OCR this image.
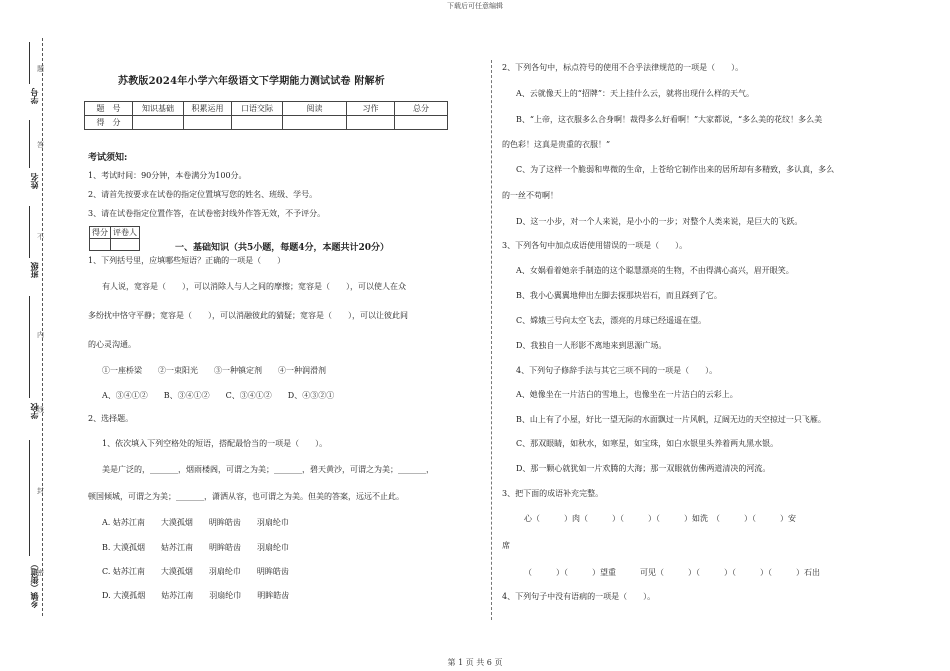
下载后可任意编辑
学号
姓名
班级
学校
乡镇（街道）
题
答
不
内
线
封
密
苏教版2024年小学六年级语文下学期能力测试试卷 附解析
题　号	知识基础	积累运用	口语交际	阅读	习作	总分
得　分						
考试须知:
1、考试时间：90分钟，本卷满分为100分。
2、请首先按要求在试卷的指定位置填写您的姓名、班级、学号。
3、请在试卷指定位置作答，在试卷密封线外作答无效，不予评分。
得分	评卷人

一、基础知识（共5小题，每题4分，本题共计20分）
1、下列括号里，应填哪些短语？正确的一项是（　　）
有人说，宽容是（　　），可以消除人与人之间的摩擦；宽容是（　　），可以使人在众
多纷扰中恪守平静；宽容是（　　），可以消融彼此的猜疑；宽容是（　　），可以让彼此间
的心灵沟通。
①一座桥梁　　②一束阳光　　③一种镇定剂　　④一种润滑剂
A、③④①②　　B、③④①②　　C、③④①②　　D、④③②①
2、选择题。
1、依次填入下列空格处的短语，搭配最恰当的一项是（　　）。
美是广泛的，_______，烟雨楼阁，可谓之为美；_______，碧天黄沙，可谓之为美；_______，
顿国倾城，可谓之为美；_______，潇洒从容，也可谓之为美。但美的答案，远远不止此。
A. 姑苏江南　　大漠孤烟　　明眸皓齿　　羽扇纶巾
B. 大漠孤烟　　姑苏江南　　明眸皓齿　　羽扇纶巾
C. 姑苏江南　　大漠孤烟　　羽扇纶巾　　明眸皓齿
D. 大漠孤烟　　姑苏江南　　羽扇纶巾　　明眸皓齿
2、下列各句中，标点符号的使用不合乎法律规范的一项是（　　）。
A、云就像天上的“招牌”：天上挂什么云，就将出现什么样的天气。
B、“上帝，这衣服多么合身啊！裁得多么好看啊！”大家都说，“多么美的花纹！多么美
的色彩！这真是贵重的衣服！”
C、为了这样一个脆弱和卑微的生命，上苍给它制作出来的居所却有多精致，多认真，多么
的一丝不苟啊！
D、这一小步，对一个人来说，是小小的一步；对整个人类来说，是巨大的飞跃。
3、下列各句中加点成语使用错误的一项是（　　）。
A、女娲看着她亲手制造的这个聪慧漂亮的生物，不由得满心高兴，眉开眼笑。
B、我小心翼翼地伸出左脚去探那块岩石，而且踩到了它。
C、嫦娥三号向太空飞去，漂亮的月球已经遥遥在望。
D、我独自一人形影不离地来到思源广场。
4、下列句子修辞手法与其它三项不同的一项是（　　）。
A、她像坐在一片洁白的雪地上，也像坐在一片洁白的云彩上。
B、山上有了小屋，好比一望无际的水面飘过一片风帆，辽阔无边的天空掠过一只飞雁。
C、那双眼睛，如秋水，如寒星，如宝珠，如白水银里头养着两丸黑水银。
D、那一颗心就犹如一片欢腾的大海；那一双眼就仿佛两道清决的河流。
3、把下面的成语补充完整。
心（　　　）肉（　　　）（　　　）（　　　）如洗　（　　　）（　　　）安
席
（　　　）（　　　）望重　　　可见（　　　）（　　　）（　　　）（　　　）石出
4、下列句子中没有语病的一项是（　　）。
第 1 页 共 6 页
